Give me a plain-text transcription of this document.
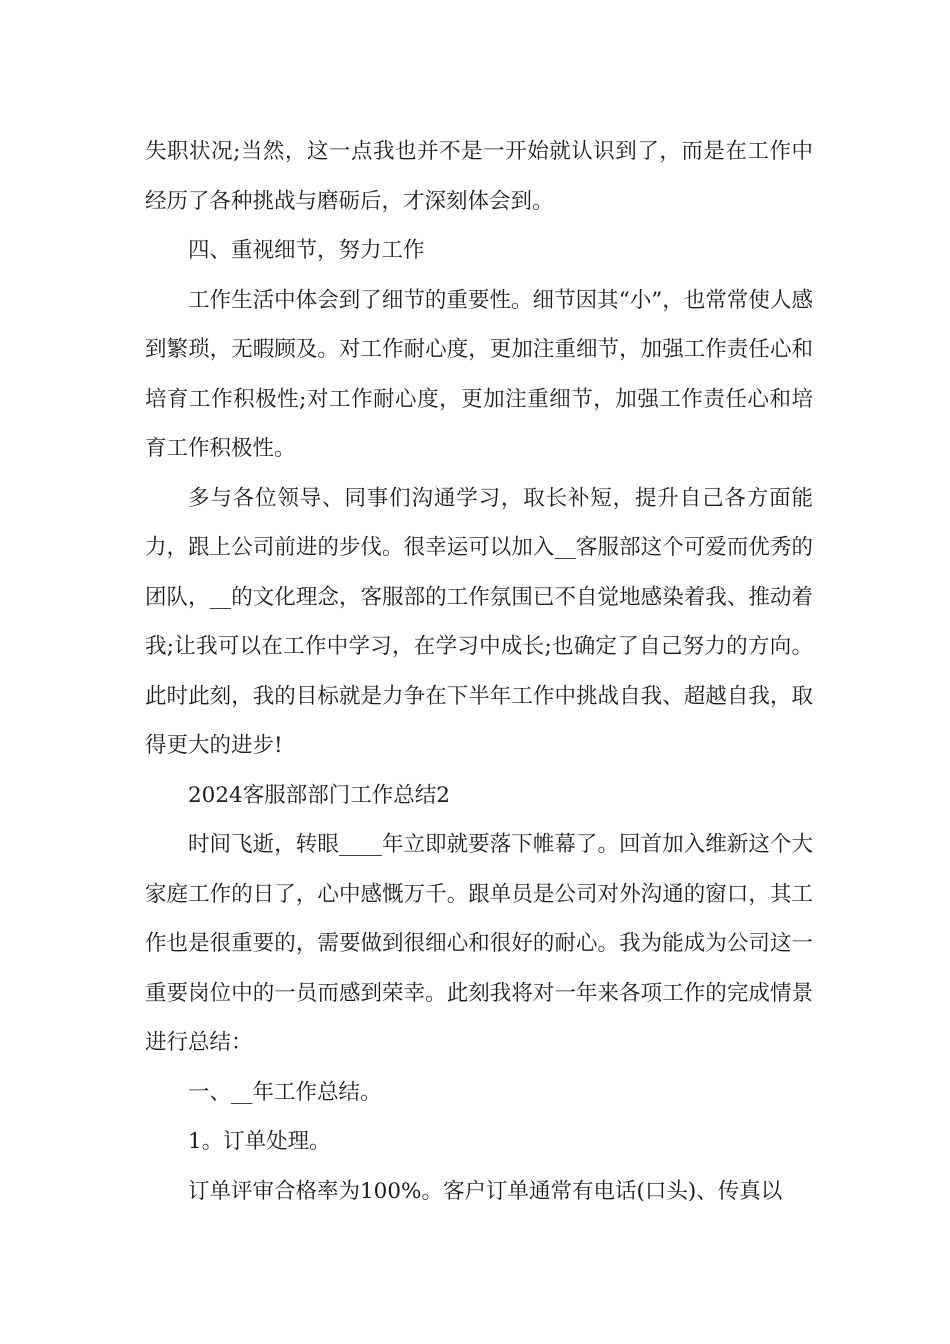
失职状况;当然，这一点我也并不是一开始就认识到了，而是在工作中经历了各种挑战与磨砺后，才深刻体会到。

四、重视细节，努力工作

工作生活中体会到了细节的重要性。细节因其“小”，也常常使人感到繁琐，无暇顾及。对工作耐心度，更加注重细节，加强工作责任心和培育工作积极性;对工作耐心度，更加注重细节，加强工作责任心和培育工作积极性。

多与各位领导、同事们沟通学习，取长补短，提升自己各方面能力，跟上公司前进的步伐。很幸运可以加入__客服部这个可爱而优秀的团队，__的文化理念，客服部的工作氛围已不自觉地感染着我、推动着我;让我可以在工作中学习，在学习中成长;也确定了自己努力的方向。此时此刻，我的目标就是力争在下半年工作中挑战自我、超越自我，取得更大的进步!

2024客服部部门工作总结2

时间飞逝，转眼____年立即就要落下帷幕了。回首加入维新这个大家庭工作的日了，心中感慨万千。跟单员是公司对外沟通的窗口，其工作也是很重要的，需要做到很细心和很好的耐心。我为能成为公司这一重要岗位中的一员而感到荣幸。此刻我将对一年来各项工作的完成情景进行总结：

一、__年工作总结。

1。订单处理。

订单评审合格率为100%。客户订单通常有电话(口头)、传真以
